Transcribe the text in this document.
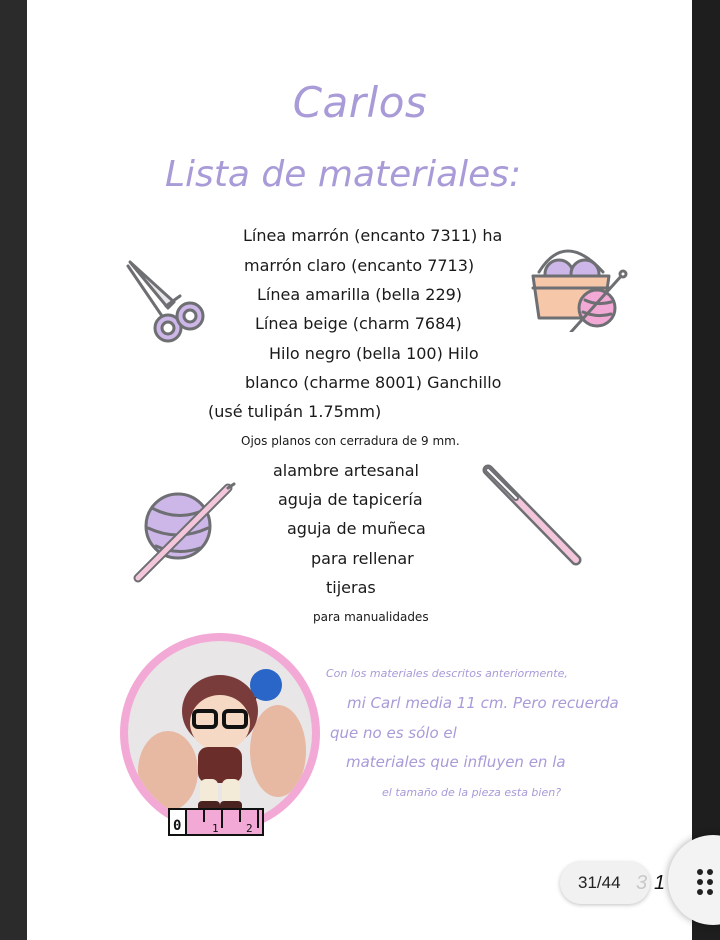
Carlos
Lista de materiales:
Línea marrón (encanto 7311) ha
marrón claro (encanto 7713)
Línea amarilla (bella 229)
Línea beige (charm 7684)
Hilo negro (bella 100) Hilo
blanco (charme 8001) Ganchillo
(usé tulipán 1.75mm)
Ojos planos con cerradura de 9 mm.
alambre artesanal
aguja de tapicería
aguja de muñeca
para rellenar
tijeras
para manualidades
0	1 2
Con los materiales descritos anteriormente,
mi Carl media 11 cm. Pero recuerda
que no es sólo el
materiales que influyen en la
el tamaño de la pieza esta bien?
31/44 3 1
